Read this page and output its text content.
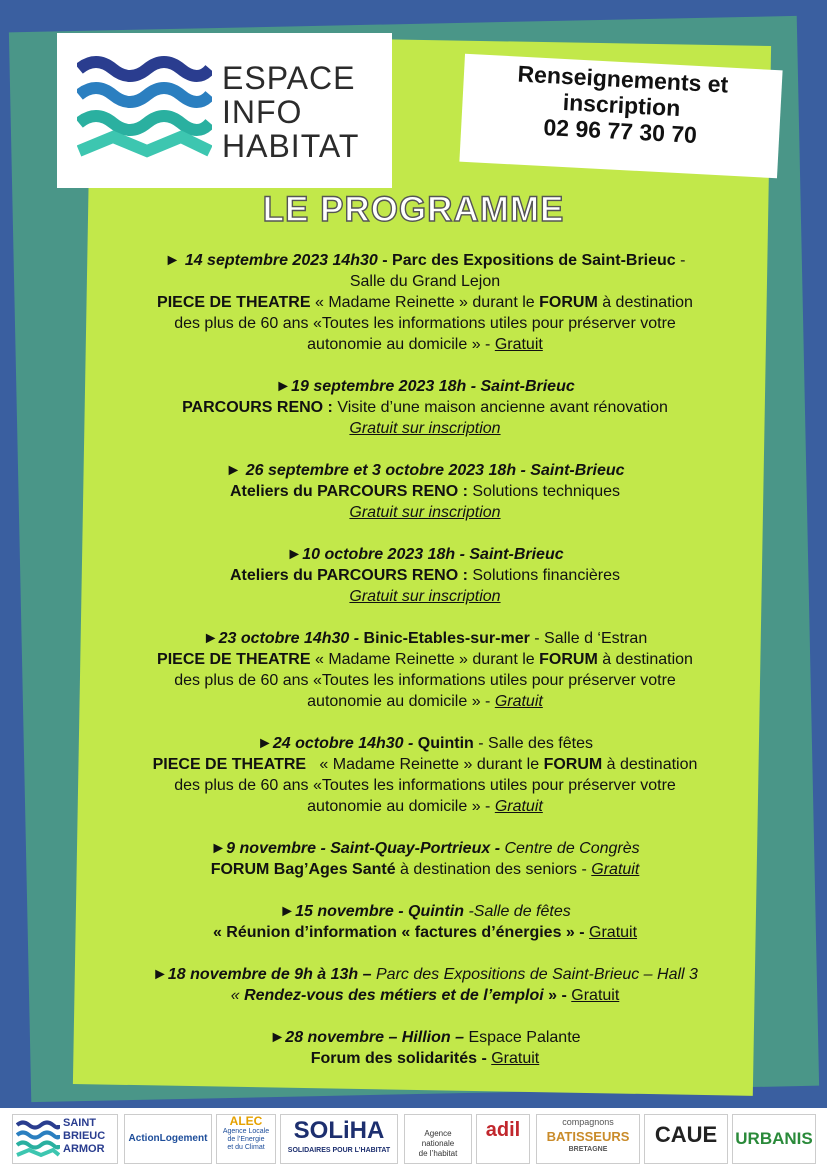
ESPACE
INFO
HABITAT
Renseignements et
inscription
02 96 77 30 70
LE PROGRAMME
► 14 septembre 2023 14h30 - Parc des Expositions de Saint-Brieuc -
Salle du Grand Lejon
PIECE DE THEATRE « Madame Reinette » durant le FORUM à destination
des plus de 60 ans «Toutes les informations utiles pour préserver votre
autonomie au domicile » - Gratuit
►19 septembre 2023 18h - Saint-Brieuc
PARCOURS RENO : Visite d’une maison ancienne avant rénovation
Gratuit sur inscription
► 26 septembre et 3 octobre 2023 18h - Saint-Brieuc
Ateliers du PARCOURS RENO : Solutions techniques
Gratuit sur inscription
►10 octobre 2023 18h - Saint-Brieuc
Ateliers du PARCOURS RENO : Solutions financières
Gratuit sur inscription
►23 octobre 14h30 - Binic-Etables-sur-mer - Salle d ‘Estran
PIECE DE THEATRE « Madame Reinette » durant le FORUM à destination
des plus de 60 ans «Toutes les informations utiles pour préserver votre
autonomie au domicile » - Gratuit
►24 octobre 14h30 - Quintin - Salle des fêtes
PIECE DE THEATRE   « Madame Reinette » durant le FORUM à destination
des plus de 60 ans «Toutes les informations utiles pour préserver votre
autonomie au domicile » - Gratuit
►9 novembre - Saint-Quay-Portrieux - Centre de Congrès
FORUM Bag’Ages Santé à destination des seniors - Gratuit
►15 novembre - Quintin -Salle de fêtes
« Réunion d’information « factures d’énergies » - Gratuit
►18 novembre de 9h à 13h – Parc des Expositions de Saint-Brieuc – Hall 3
« Rendez-vous des métiers et de l’emploi » - Gratuit
►28 novembre – Hillion – Espace Palante
Forum des solidarités - Gratuit
SAINT
BRIEUC
ARMOR
ActionLogement
ALEC
Agence Locale
de l’Energie
et du Climat
SOLiHA
SOLIDAIRES POUR L’HABITAT
Agence
nationale
de l’habitat
adil	compagnons
BATISSEURS
BRETAGNE
CAUE	URBANIS
